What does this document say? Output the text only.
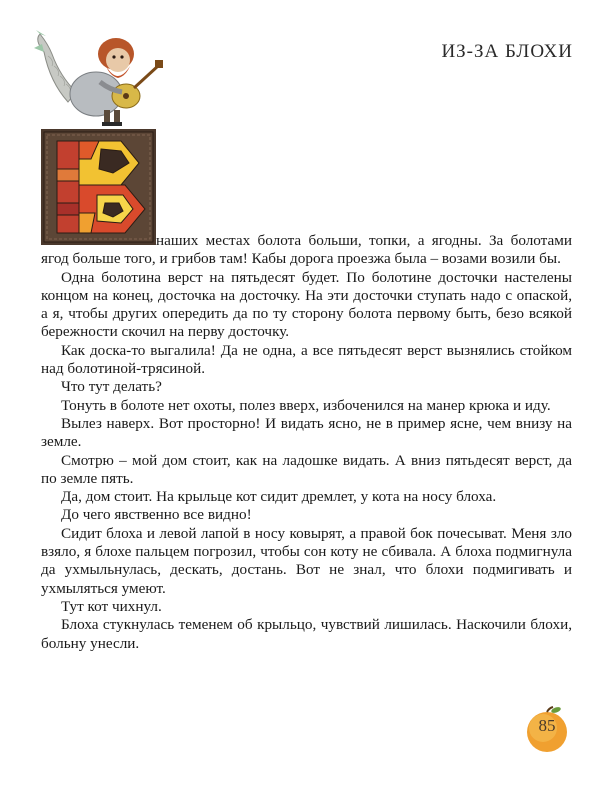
ИЗ-ЗА БЛОХИ

наших местах болота больши, топки, а ягодны. За болотами ягод больше того, и грибов там! Кабы дорога проезжа была – возами возили бы.

Одна болотина верст на пятьдесят будет. По болотине досточки настелены концом на конец, досточка на досточку. На эти досточки ступать надо с опаской, а я, чтобы других опередить да по ту сторону болота первому быть, безо всякой бережности скочил на перву досточку.

Как доска-то выгалила! Да не одна, а все пятьдесят верст вызнялись стойком над болотиной-трясиной.

Что тут делать?

Тонуть в болоте нет охоты, полез вверх, избоченился на манер крюка и иду.

Вылез наверх. Вот просторно! И видать ясно, не в пример ясне, чем внизу на земле.

Смотрю – мой дом стоит, как на ладошке видать. А вниз пятьдесят верст, да по земле пять.

Да, дом стоит. На крыльце кот сидит дремлет, у кота на носу блоха.

До чего явственно все видно!

Сидит блоха и левой лапой в носу ковырят, а правой бок почесыват. Меня зло взяло, я блохе пальцем погрозил, чтобы сон коту не сбивала. А блоха подмигнула да ухмыльнулась, дескать, достань. Вот не знал, что блохи подмигивать и ухмыляться умеют.

Тут кот чихнул.

Блоха стукнулась теменем об крыльцо, чувствий лишилась. Наскочили блохи, больну унесли.

85
